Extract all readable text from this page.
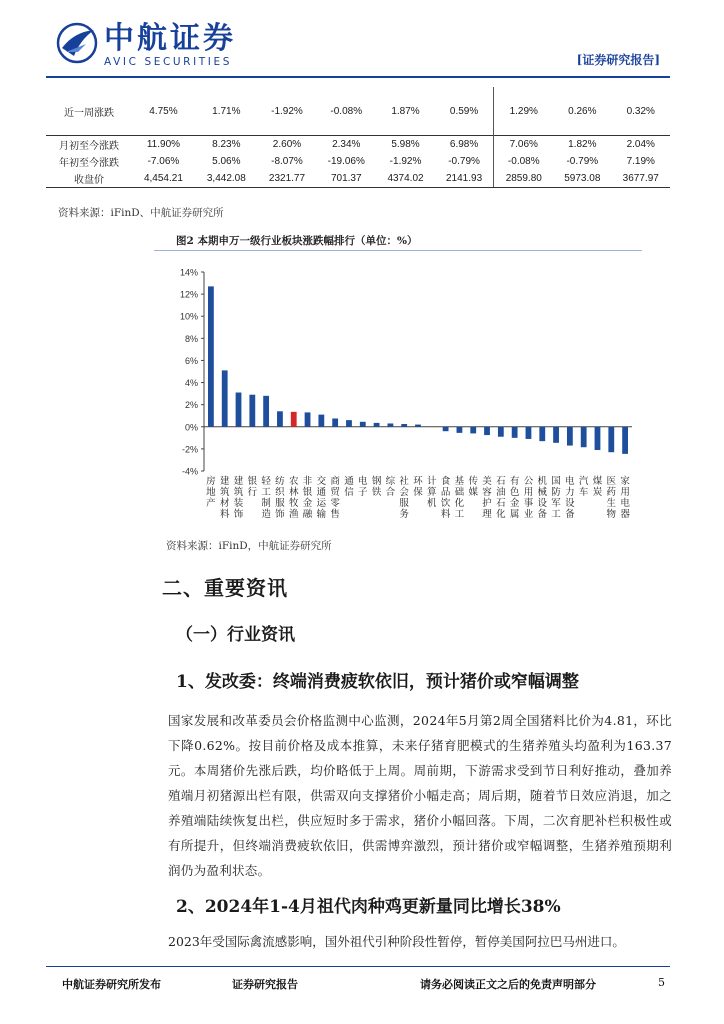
中航证券
AVIC SECURITIES	[证券研究报告]
近一周涨跌	4.75%	1.71%	-1.92%	-0.08%	1.87%	0.59%	1.29%	0.26%	0.32%
月初至今涨跌	11.90%	8.23%	2.60%	2.34%	5.98%	6.98%	7.06%	1.82%	2.04%
年初至今涨跌	-7.06%	5.06%	-8.07%	-19.06%	-1.92%	-0.79%	-0.08%	-0.79%	7.19%
收盘价	4,454.21	3,442.08	2321.77	701.37	4374.02	2141.93	2859.80	5973.08	3677.97
资料来源：iFinD、中航证券研究所
图2 本期申万一级行业板块涨跌幅排行（单位：%）
-4%
-2%
0%
2%
4%
6%
8%
10%
12%
14%
房
地
产
建
筑
材
料
建
筑
装
饰
银
行
轻
工
制
造
纺
织
服
饰
农
林
牧
渔
非
银
金
融
交
通
运
输
商
贸
零
售
通
信
电
子
钢
铁
综
合
社
会
服
务
环
保
计
算
机
食
品
饮
料
基
础
化
工
传
媒
美
容
护
理
石
油
石
化
有
色
金
属
公
用
事
业
机
械
设
备
国
防
军
工
电
力
设
备
汽
车
煤
炭
医
药
生
物
家
用
电
器
资料来源：iFinD，中航证券研究所
二、重要资讯
（一）行业资讯
1、发改委：终端消费疲软依旧，预计猪价或窄幅调整
国家发展和改革委员会价格监测中心监测，2024年5月第2周全国猪料比价为4.81，环比下降0.62%。按目前价格及成本推算，未来仔猪育肥模式的生猪养殖头均盈利为163.37元。本周猪价先涨后跌，均价略低于上周。周前期，下游需求受到节日利好推动，叠加养殖端月初猪源出栏有限，供需双向支撑猪价小幅走高；周后期，随着节日效应消退，加之养殖端陆续恢复出栏，供应短时多于需求，猪价小幅回落。下周，二次育肥补栏积极性或有所提升，但终端消费疲软依旧，供需博弈激烈，预计猪价或窄幅调整，生猪养殖预期利润仍为盈利状态。
2、2024年1-4月祖代肉种鸡更新量同比增长38%
2023年受国际禽流感影响，国外祖代引种阶段性暂停，暂停美国阿拉巴马州进口。
中航证券研究所发布	证券研究报告	请务必阅读正文之后的免责声明部分	5
